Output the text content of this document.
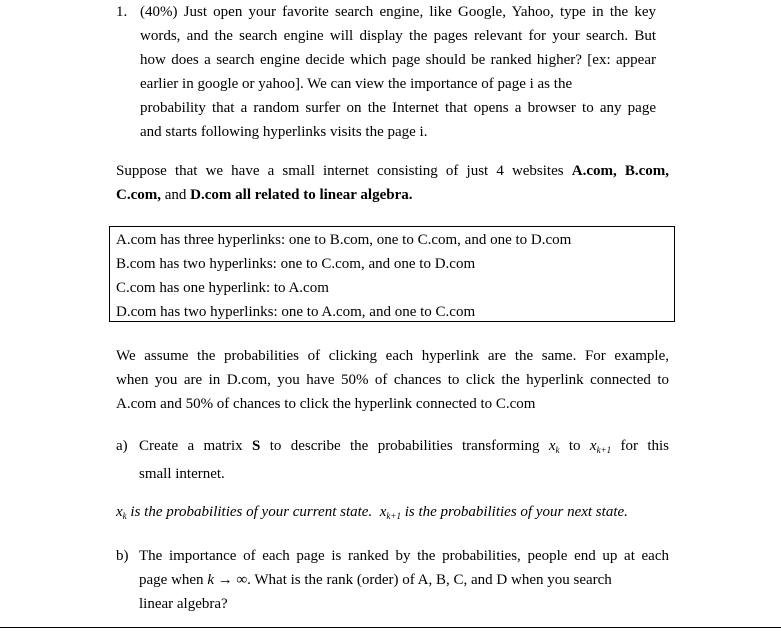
1. (40%) Just open your favorite search engine, like Google, Yahoo, type in the key
words, and the search engine will display the pages relevant for your search. But
how does a search engine decide which page should be ranked higher? [ex: appear
earlier in google or yahoo]. We can view the importance of page i as the
probability that a random surfer on the Internet that opens a browser to any page
and starts following hyperlinks visits the page i.
Suppose that we have a small internet consisting of just 4 websites A.com, B.com,
C.com, and D.com all related to linear algebra.
A.com has three hyperlinks: one to B.com, one to C.com, and one to D.com
B.com has two hyperlinks: one to C.com, and one to D.com
C.com has one hyperlink: to A.com
D.com has two hyperlinks: one to A.com, and one to C.com
We assume the probabilities of clicking each hyperlink are the same. For example,
when you are in D.com, you have 50% of chances to click the hyperlink connected to
A.com and 50% of chances to click the hyperlink connected to C.com
a) Create a matrix S to describe the probabilities transforming $x_k$ to $x_{k+1}$ for this
small internet.
$x_k$ is the probabilities of your current state. $x_{k+1}$ is the probabilities of your next state.
b) The importance of each page is ranked by the probabilities, people end up at each
page when k → ∞. What is the rank (order) of A, B, C, and D when you search
linear algebra?
